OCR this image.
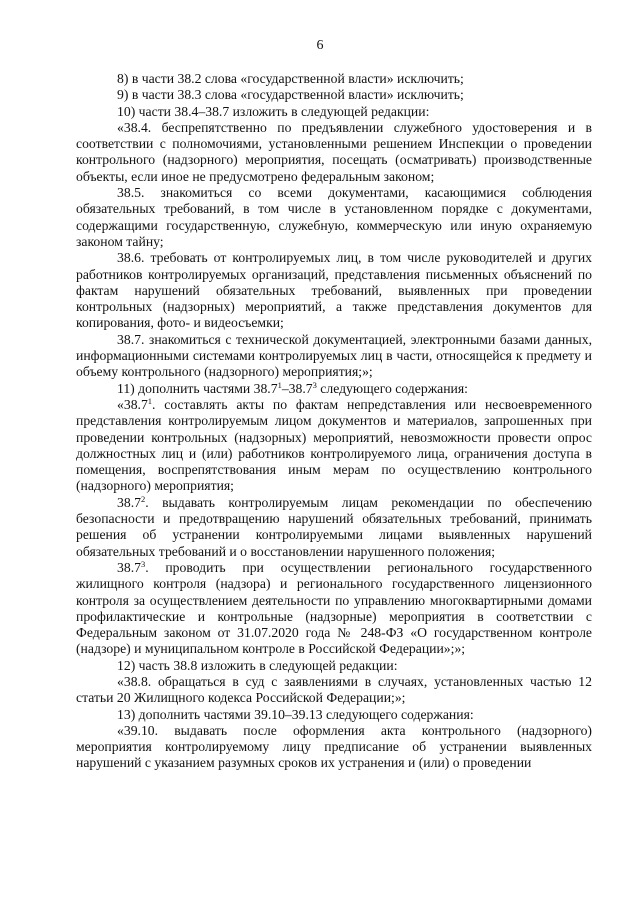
6

8) в части 38.2 слова «государственной власти» исключить;

9) в части 38.3 слова «государственной власти» исключить;

10) части 38.4–38.7 изложить в следующей редакции:

«38.4. беспрепятственно по предъявлении служебного удостоверения и в соответствии с полномочиями, установленными решением Инспекции о проведении контрольного (надзорного) мероприятия, посещать (осматривать) производственные объекты, если иное не предусмотрено федеральным законом;

38.5. знакомиться со всеми документами, касающимися соблюдения обязательных требований, в том числе в установленном порядке с документами, содержащими государственную, служебную, коммерческую или иную охраняемую законом тайну;

38.6. требовать от контролируемых лиц, в том числе руководителей и других работников контролируемых организаций, представления письменных объяснений по фактам нарушений обязательных требований, выявленных при проведении контрольных (надзорных) мероприятий, а также представления документов для копирования, фото- и видеосъемки;

38.7. знакомиться с технической документацией, электронными базами данных, информационными системами контролируемых лиц в части, относящейся к предмету и объему контрольного (надзорного) мероприятия;»;

11) дополнить частями 38.7$^1$–38.7$^3$ следующего содержания:

«38.7$^1$. составлять акты по фактам непредставления или несвоевременного представления контролируемым лицом документов и материалов, запрошенных при проведении контрольных (надзорных) мероприятий, невозможности провести опрос должностных лиц и (или) работников контролируемого лица, ограничения доступа в помещения, воспрепятствования иным мерам по осуществлению контрольного (надзорного) мероприятия;

38.7$^2$. выдавать контролируемым лицам рекомендации по обеспечению безопасности и предотвращению нарушений обязательных требований, принимать решения об устранении контролируемыми лицами выявленных нарушений обязательных требований и о восстановлении нарушенного положения;

38.7$^3$. проводить при осуществлении регионального государственного жилищного контроля (надзора) и регионального государственного лицензионного контроля за осуществлением деятельности по управлению многоквартирными домами профилактические и контрольные (надзорные) мероприятия в соответствии с Федеральным законом от 31.07.2020 года № 248-ФЗ «О государственном контроле (надзоре) и муниципальном контроле в Российской Федерации»;»;

12) часть 38.8 изложить в следующей редакции:

«38.8. обращаться в суд с заявлениями в случаях, установленных частью 12 статьи 20 Жилищного кодекса Российской Федерации;»;

13) дополнить частями 39.10–39.13 следующего содержания:

«39.10. выдавать после оформления акта контрольного (надзорного) мероприятия контролируемому лицу предписание об устранении выявленных нарушений с указанием разумных сроков их устранения и (или) о проведении
